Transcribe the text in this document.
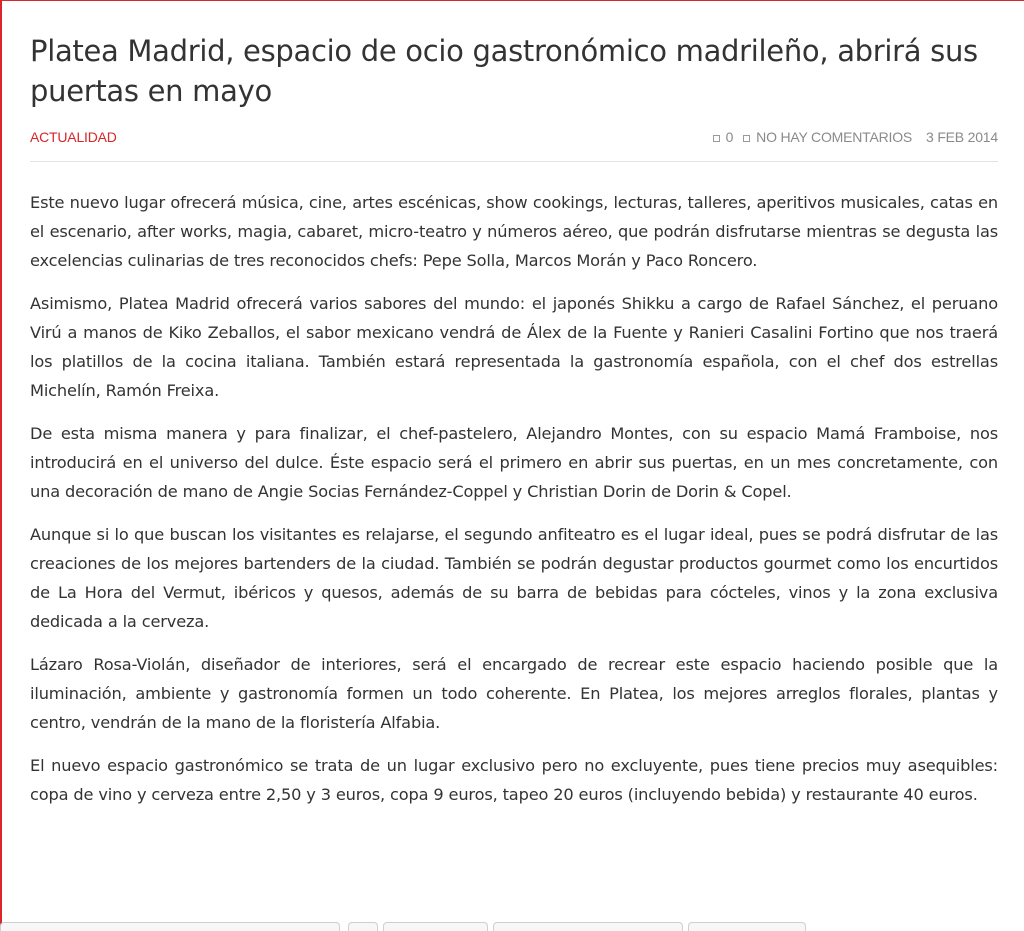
Platea Madrid, espacio de ocio gastronómico madrileño, abrirá sus puertas en mayo
ACTUALIDAD	0 NO HAY COMENTARIOS 3 FEB 2014

Este nuevo lugar ofrecerá música, cine, artes escénicas, show cookings, lecturas, talleres, aperitivos musicales, catas en el escenario, after works, magia, cabaret, micro-teatro y números aéreo, que podrán disfrutarse mientras se degusta las excelencias culinarias de tres reconocidos chefs: Pepe Solla, Marcos Morán y Paco Roncero.

Asimismo, Platea Madrid ofrecerá varios sabores del mundo: el japonés Shikku a cargo de Rafael Sánchez, el peruano Virú a manos de Kiko Zeballos, el sabor mexicano vendrá de Álex de la Fuente y Ranieri Casalini Fortino que nos traerá los platillos de la cocina italiana. También estará representada la gastronomía española, con el chef dos estrellas Michelín, Ramón Freixa.

De esta misma manera y para finalizar, el chef-pastelero, Alejandro Montes, con su espacio Mamá Framboise, nos introducirá en el universo del dulce. Éste espacio será el primero en abrir sus puertas, en un mes concretamente, con una decoración de mano de Angie Socias Fernández-Coppel y Christian Dorin de Dorin & Copel.

Aunque si lo que buscan los visitantes es relajarse, el segundo anfiteatro es el lugar ideal, pues se podrá disfrutar de las creaciones de los mejores bartenders de la ciudad. También se podrán degustar productos gourmet como los encurtidos de La Hora del Vermut, ibéricos y quesos, además de su barra de bebidas para cócteles, vinos y la zona exclusiva dedicada a la cerveza.

Lázaro Rosa-Violán, diseñador de interiores, será el encargado de recrear este espacio haciendo posible que la iluminación, ambiente y gastronomía formen un todo coherente. En Platea, los mejores arreglos florales, plantas y centro, vendrán de la mano de la floristería Alfabia.

El nuevo espacio gastronómico se trata de un lugar exclusivo pero no excluyente, pues tiene precios muy asequibles: copa de vino y cerveza entre 2,50 y 3 euros, copa 9 euros, tapeo 20 euros (incluyendo bebida) y restaurante 40 euros.
